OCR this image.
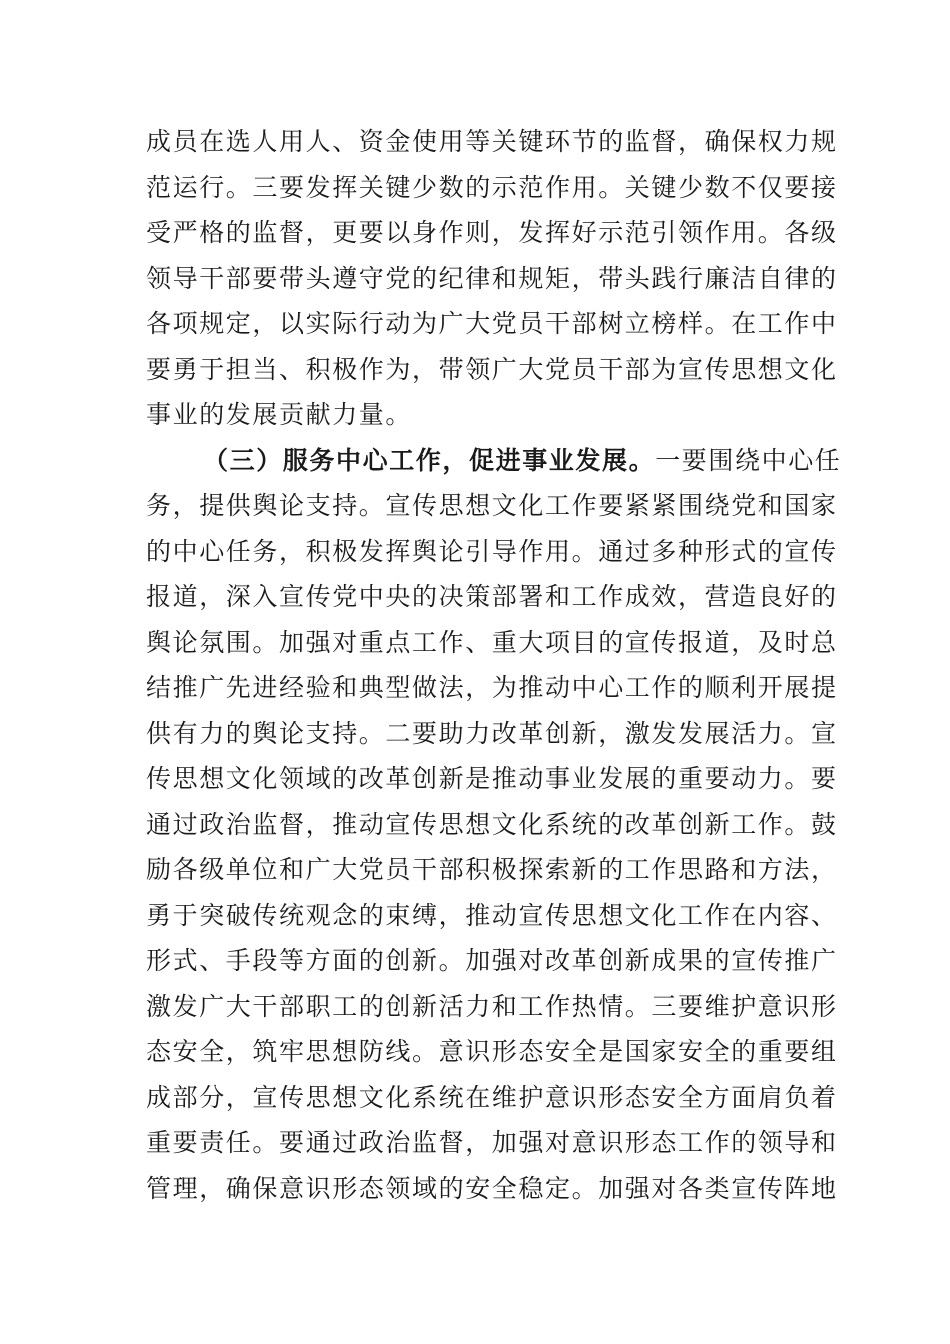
成员在选人用人、资金使用等关键环节的监督，确保权力规
范运行。三要发挥关键少数的示范作用。关键少数不仅要接
受严格的监督，更要以身作则，发挥好示范引领作用。各级
领导干部要带头遵守党的纪律和规矩，带头践行廉洁自律的
各项规定，以实际行动为广大党员干部树立榜样。在工作中
要勇于担当、积极作为，带领广大党员干部为宣传思想文化
事业的发展贡献力量。
（三）服务中心工作，促进事业发展。一要围绕中心任
务，提供舆论支持。宣传思想文化工作要紧紧围绕党和国家
的中心任务，积极发挥舆论引导作用。通过多种形式的宣传
报道，深入宣传党中央的决策部署和工作成效，营造良好的
舆论氛围。加强对重点工作、重大项目的宣传报道，及时总
结推广先进经验和典型做法，为推动中心工作的顺利开展提
供有力的舆论支持。二要助力改革创新，激发发展活力。宣
传思想文化领域的改革创新是推动事业发展的重要动力。要
通过政治监督，推动宣传思想文化系统的改革创新工作。鼓
励各级单位和广大党员干部积极探索新的工作思路和方法，
勇于突破传统观念的束缚，推动宣传思想文化工作在内容、
形式、手段等方面的创新。加强对改革创新成果的宣传推广
激发广大干部职工的创新活力和工作热情。三要维护意识形
态安全，筑牢思想防线。意识形态安全是国家安全的重要组
成部分，宣传思想文化系统在维护意识形态安全方面肩负着
重要责任。要通过政治监督，加强对意识形态工作的领导和
管理，确保意识形态领域的安全稳定。加强对各类宣传阵地
